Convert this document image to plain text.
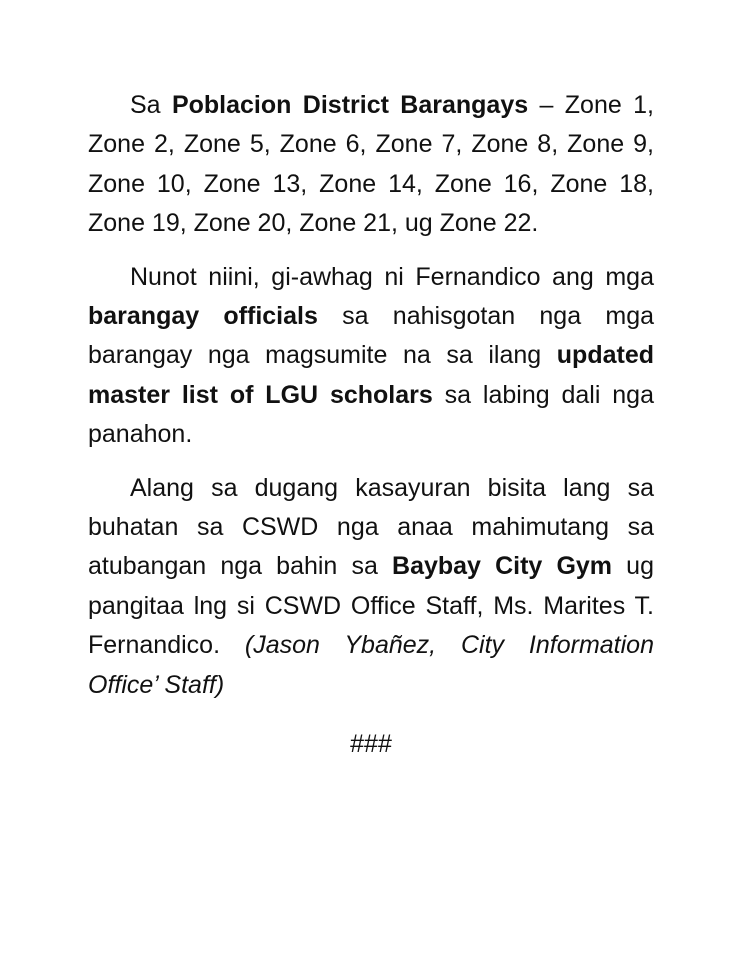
Sa Poblacion District Barangays – Zone 1, Zone 2, Zone 5, Zone 6, Zone 7, Zone 8, Zone 9, Zone 10, Zone 13, Zone 14, Zone 16, Zone 18, Zone 19, Zone 20, Zone 21, ug Zone 22.

Nunot niini, gi-awhag ni Fernandico ang mga barangay officials sa nahisgotan nga mga barangay nga magsumite na sa ilang updated master list of LGU scholars sa labing dali nga panahon.

Alang sa dugang kasayuran bisita lang sa buhatan sa CSWD nga anaa mahimutang sa atubangan nga bahin sa Baybay City Gym ug pangitaa lng si CSWD Office Staff, Ms. Marites T. Fernandico. (Jason Ybañez, City Information Office’ Staff)

###
